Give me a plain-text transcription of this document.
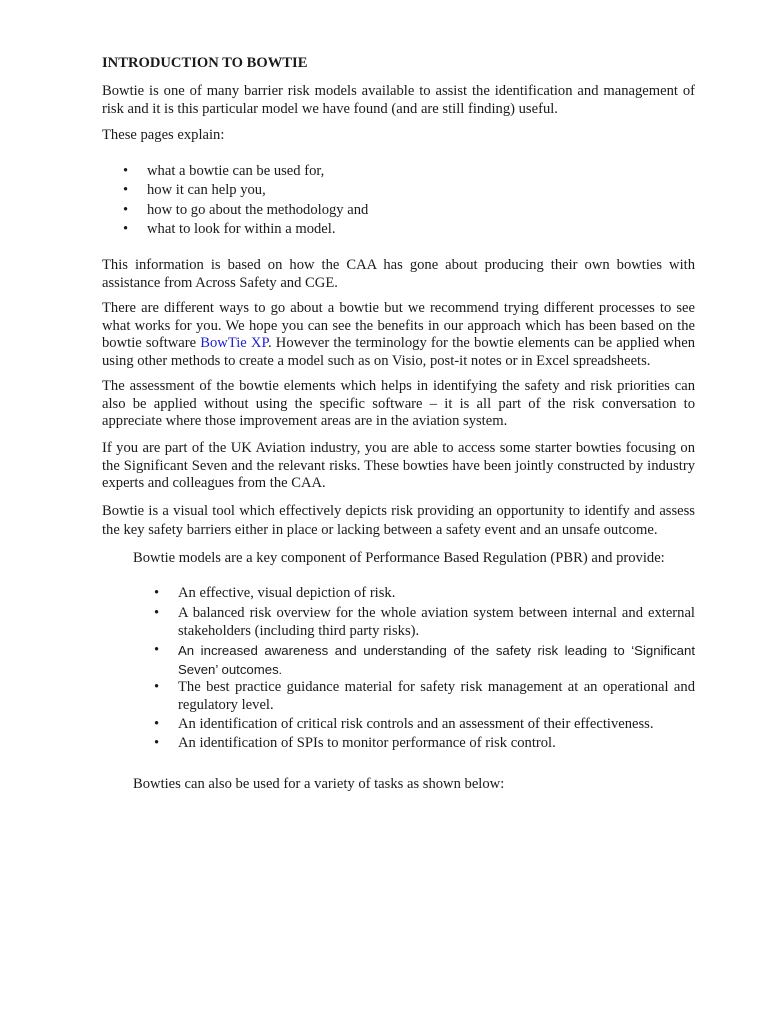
INTRODUCTION TO BOWTIE

Bowtie is one of many barrier risk models available to assist the identification and management of risk and it is this particular model we have found (and are still finding) useful.

These pages explain:

• what a bowtie can be used for,
• how it can help you,
• how to go about the methodology and
• what to look for within a model.

This information is based on how the CAA has gone about producing their own bowties with assistance from Across Safety and CGE.

There are different ways to go about a bowtie but we recommend trying different processes to see what works for you. We hope you can see the benefits in our approach which has been based on the bowtie software BowTie XP. However the terminology for the bowtie elements can be applied when using other methods to create a model such as on Visio, post-it notes or in Excel spreadsheets.

The assessment of the bowtie elements which helps in identifying the safety and risk priorities can also be applied without using the specific software – it is all part of the risk conversation to appreciate where those improvement areas are in the aviation system.

If you are part of the UK Aviation industry, you are able to access some starter bowties focusing on the Significant Seven and the relevant risks. These bowties have been jointly constructed by industry experts and colleagues from the CAA.

Bowtie is a visual tool which effectively depicts risk providing an opportunity to identify and assess the key safety barriers either in place or lacking between a safety event and an unsafe outcome.

Bowtie models are a key component of Performance Based Regulation (PBR) and provide:

• An effective, visual depiction of risk.
• A balanced risk overview for the whole aviation system between internal and external stakeholders (including third party risks).
• An increased awareness and understanding of the safety risk leading to ‘Significant Seven’ outcomes.
• The best practice guidance material for safety risk management at an operational and regulatory level.
• An identification of critical risk controls and an assessment of their effectiveness.
• An identification of SPIs to monitor performance of risk control.

Bowties can also be used for a variety of tasks as shown below:
